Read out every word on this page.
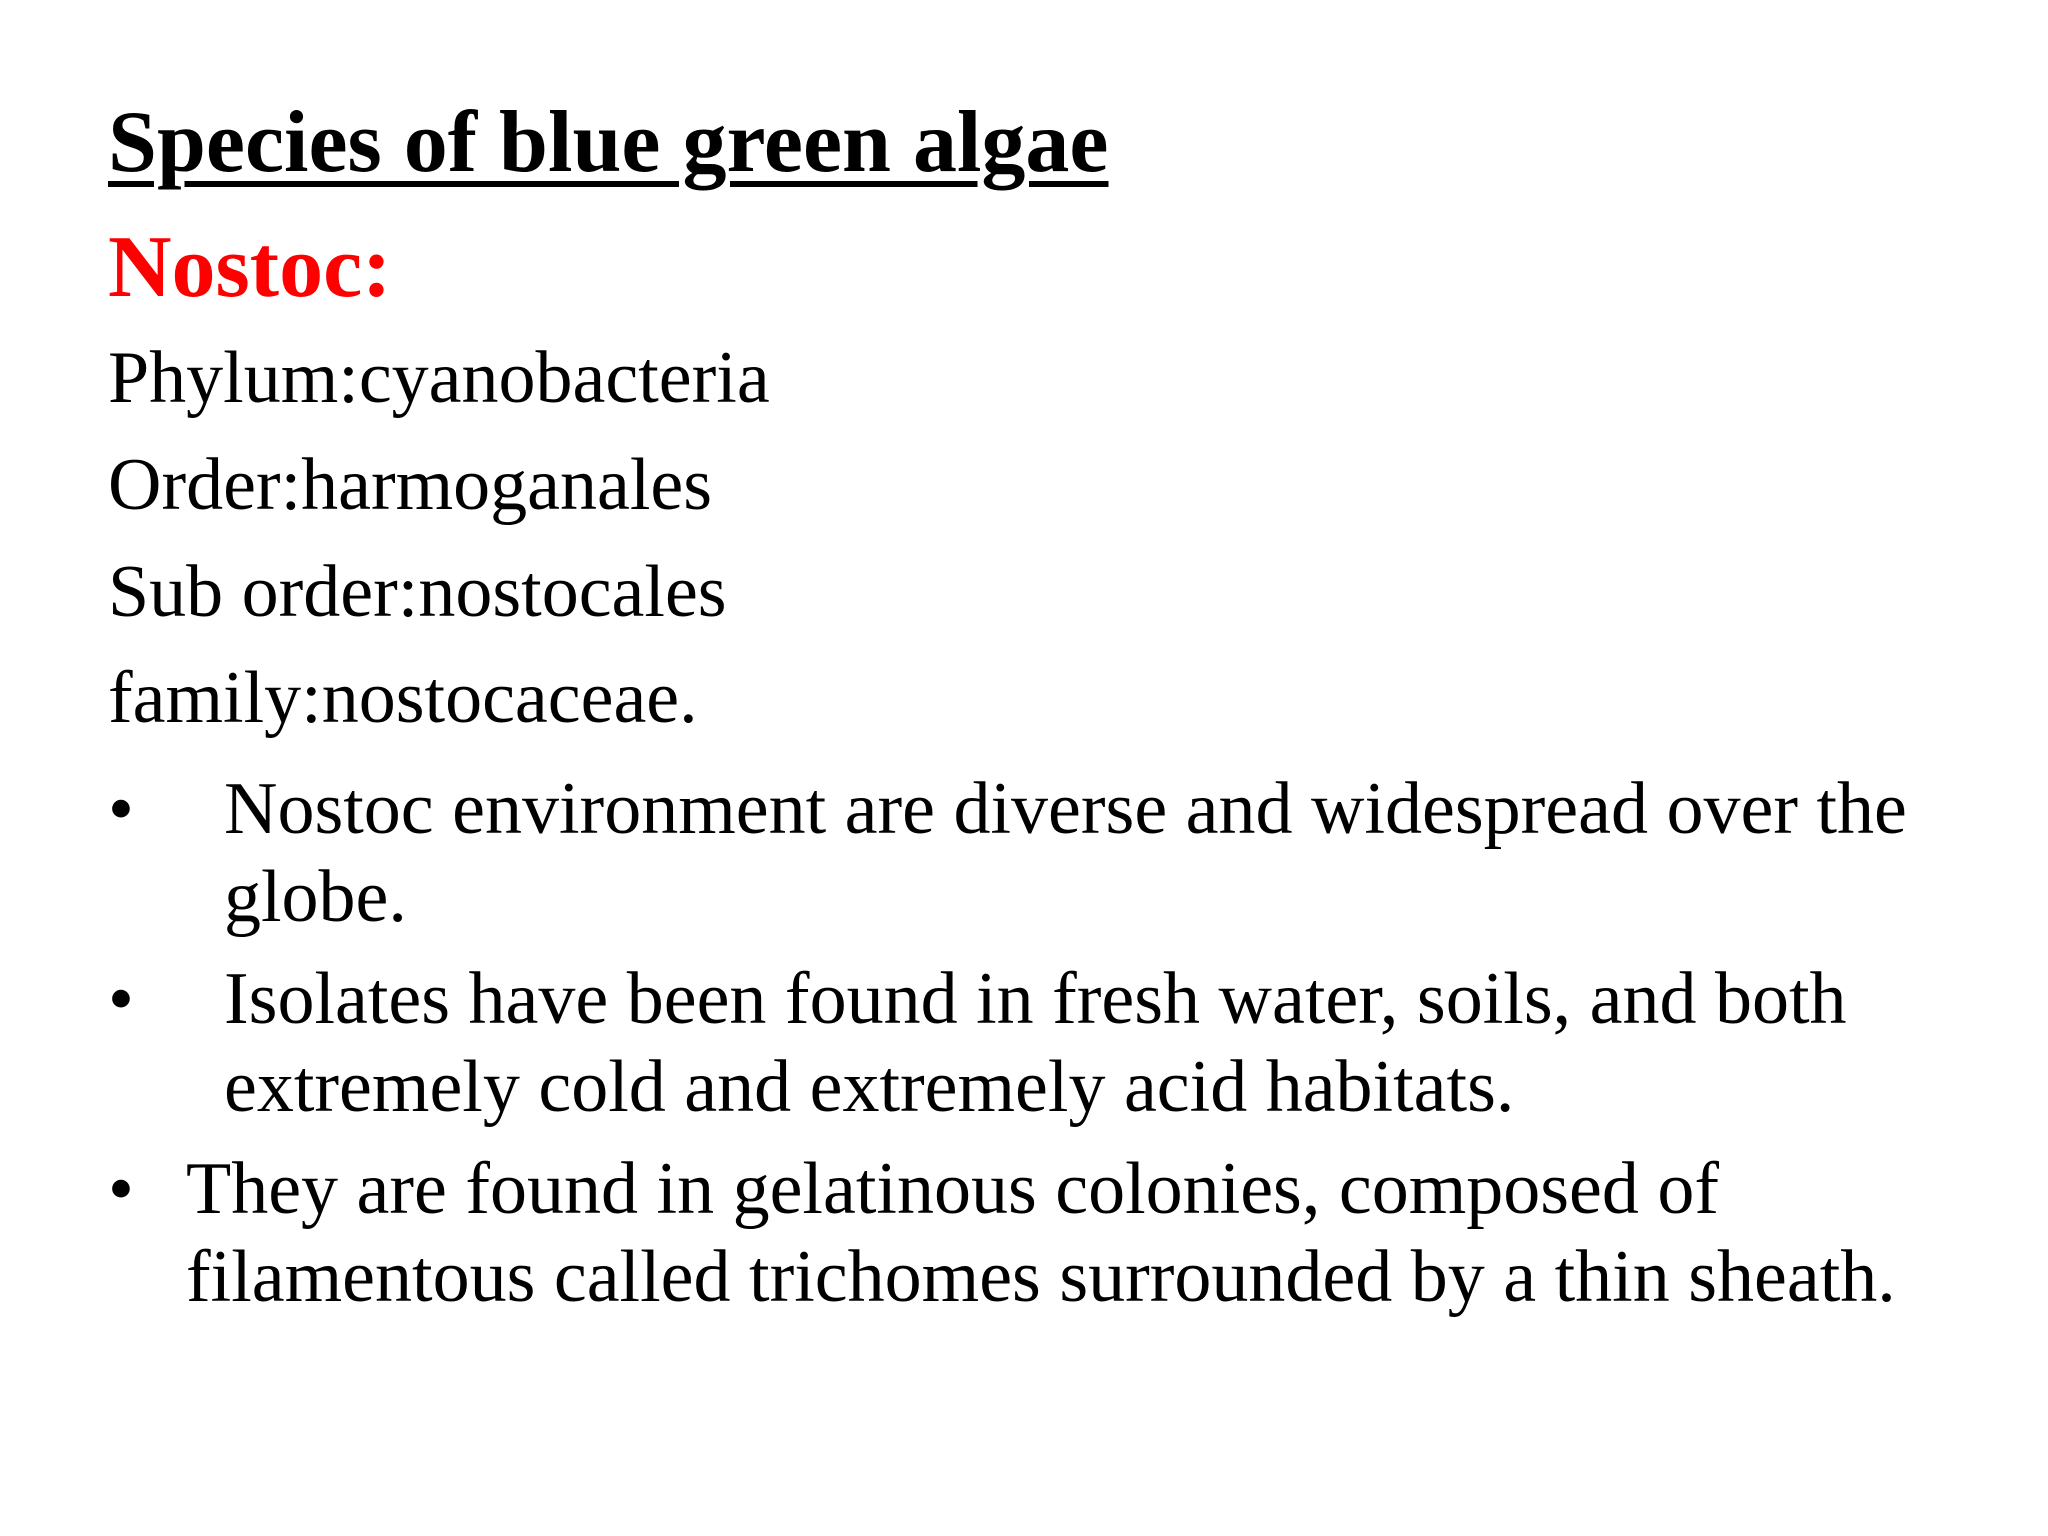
Species of blue green algae
Nostoc:
Phylum:cyanobacteria
Order:harmoganales
Sub order:nostocales
family:nostocaceae.
•	Nostoc environment are diverse and widespread over the globe.
•	Isolates have been found in fresh water, soils, and both extremely cold and extremely acid habitats.
• They are found in gelatinous colonies, composed of filamentous called trichomes surrounded by a thin sheath.
